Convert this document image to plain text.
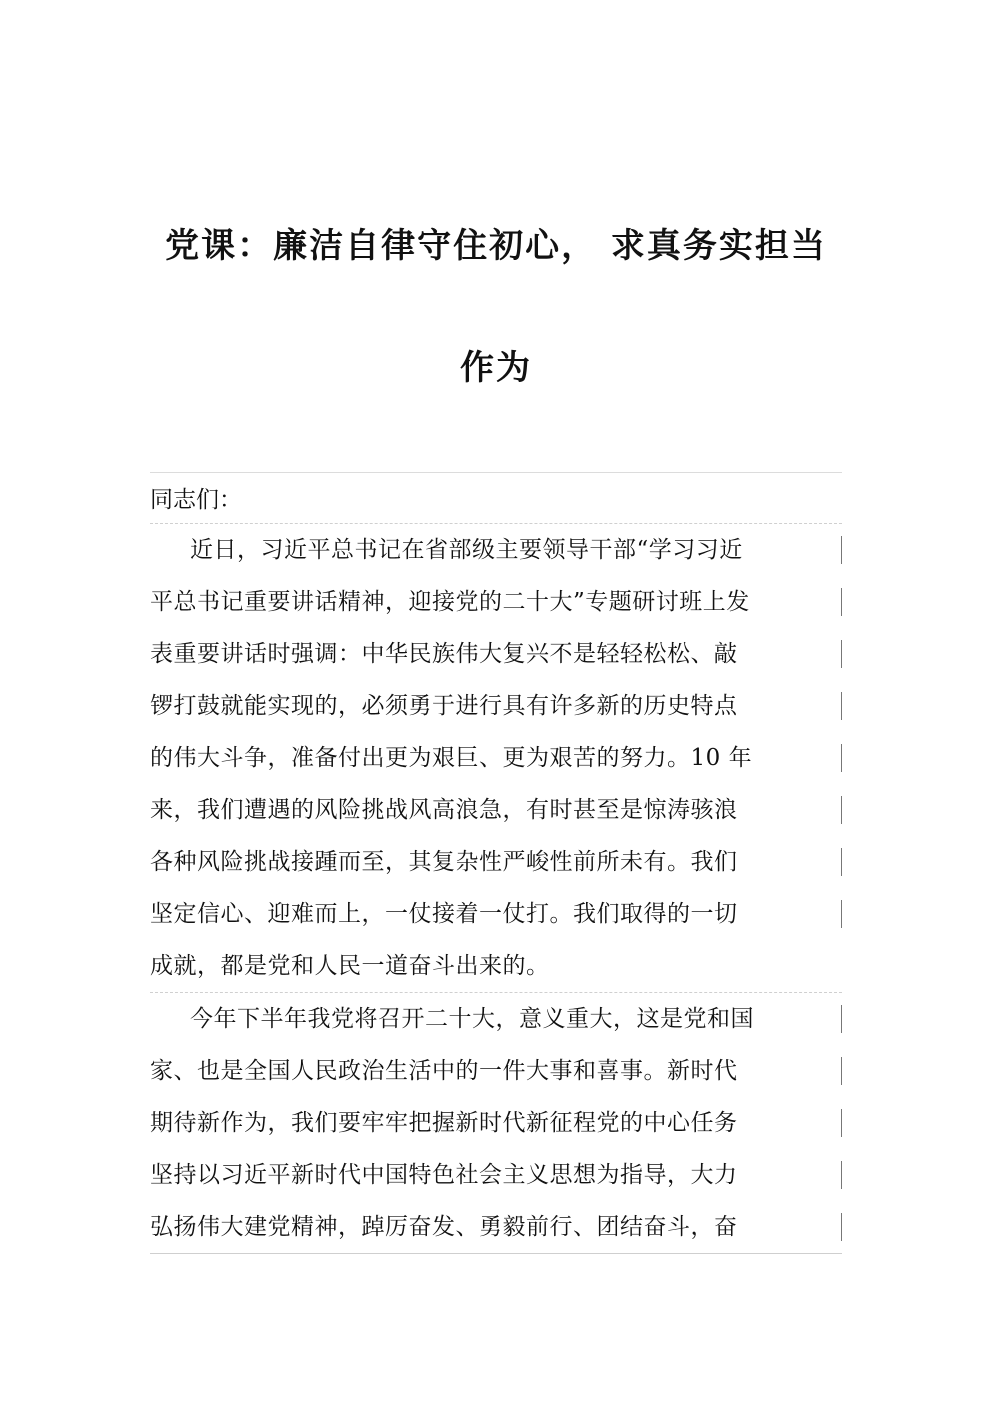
党课：廉洁自律守住初心， 求真务实担当
作为
同志们：
近日，习近平总书记在省部级主要领导干部“学习习近
平总书记重要讲话精神，迎接党的二十大”专题研讨班上发
表重要讲话时强调：中华民族伟大复兴不是轻轻松松、敲
锣打鼓就能实现的，必须勇于进行具有许多新的历史特点
的伟大斗争，准备付出更为艰巨、更为艰苦的努力。10 年
来，我们遭遇的风险挑战风高浪急，有时甚至是惊涛骇浪
各种风险挑战接踵而至，其复杂性严峻性前所未有。我们
坚定信心、迎难而上，一仗接着一仗打。我们取得的一切
成就，都是党和人民一道奋斗出来的。
今年下半年我党将召开二十大，意义重大，这是党和国
家、也是全国人民政治生活中的一件大事和喜事。新时代
期待新作为，我们要牢牢把握新时代新征程党的中心任务
坚持以习近平新时代中国特色社会主义思想为指导，大力
弘扬伟大建党精神，踔厉奋发、勇毅前行、团结奋斗，奋
